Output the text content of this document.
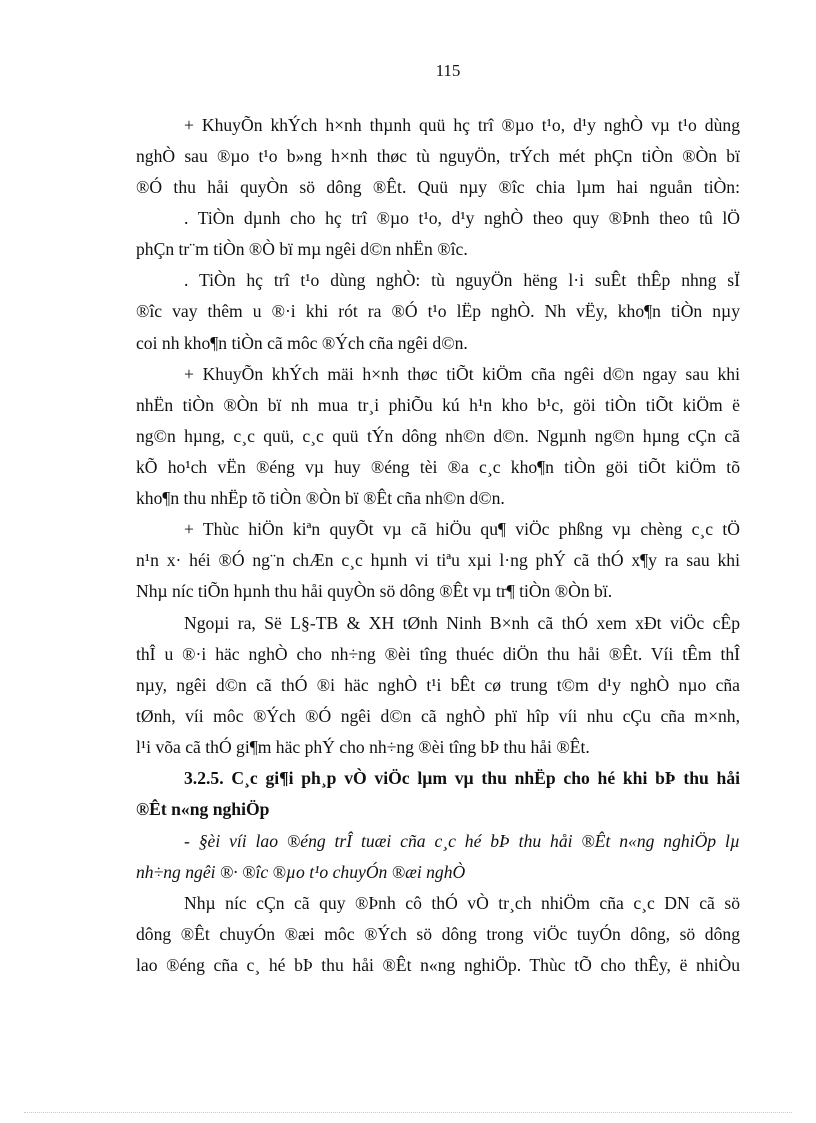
115
+ KhuyÕn khÝch h×nh thµnh quü hç trî ®µo t¹o, d¹y nghÒ vµ t¹o dùng
nghÒ sau ®µo t¹o b»ng h×nh thøc tù nguyÖn, trÝch mét phÇn tiÒn ®Òn bï
®Ó thu håi quyÒn sö dông ®Êt. Quü nµy ®îc chia lµm hai nguån tiÒn:
. TiÒn dµnh cho hç trî ®µo t¹o, d¹y nghÒ theo quy ®Þnh theo tû lÖ
phÇn tr¨m tiÒn ®Ò bï mµ ngêi d©n nhËn ®îc.
. TiÒn hç trî t¹o dùng nghÒ: tù nguyÖn hëng l·i suÊt thÊp nhng sÏ
®îc vay thêm u ®·i khi rót ra ®Ó t¹o lËp nghÒ. Nh vËy, kho¶n tiÒn nµy
coi nh kho¶n tiÒn cã môc ®Ých cña ngêi d©n.
+ KhuyÕn khÝch mäi h×nh thøc tiÕt kiÖm cña ngêi d©n ngay sau khi
nhËn tiÒn ®Òn bï nh mua tr¸i phiÕu kú h¹n kho b¹c, göi tiÒn tiÕt kiÖm ë
ng©n hµng, c¸c quü, c¸c quü tÝn dông nh©n d©n. Ngµnh ng©n hµng cÇn cã
kÕ ho¹ch vËn ®éng vµ huy ®éng tèi ®a c¸c kho¶n tiÒn göi tiÕt kiÖm tõ
kho¶n thu nhËp tõ tiÒn ®Òn bï ®Êt cña nh©n d©n.
+ Thùc hiÖn kiªn quyÕt vµ cã hiÖu qu¶ viÖc phßng vµ chèng c¸c tÖ
n¹n x· héi ®Ó ng¨n chÆn c¸c hµnh vi tiªu xµi l·ng phÝ cã thÓ x¶y ra sau khi
Nhµ níc tiÕn hµnh thu håi quyÒn sö dông ®Êt vµ tr¶ tiÒn ®Òn bï.
Ngoµi ra, Së L§-TB & XH tØnh Ninh B×nh cã thÓ xem xÐt viÖc cÊp
thÎ u ®·i häc nghÒ cho nh÷ng ®èi tîng thuéc diÖn thu håi ®Êt. Víi tÊm thÎ
nµy, ngêi d©n cã thÓ ®i häc nghÒ t¹i bÊt cø trung t©m d¹y nghÒ nµo cña
tØnh, víi môc ®Ých ®Ó ngêi d©n cã nghÒ phï hîp víi nhu cÇu cña m×nh,
l¹i võa cã thÓ gi¶m häc phÝ cho nh÷ng ®èi tîng bÞ thu håi ®Êt.
3.2.5. C¸c gi¶i ph¸p vÒ viÖc lµm vµ thu nhËp cho hé khi bÞ thu håi
®Êt n«ng nghiÖp
- §èi víi lao ®éng trÎ tuæi cña c¸c hé bÞ thu håi ®Êt n«ng nghiÖp lµ
nh÷ng ngêi ®· ®îc ®µo t¹o chuyÓn ®æi nghÒ
Nhµ níc cÇn cã quy ®Þnh cô thÓ vÒ tr¸ch nhiÖm cña c¸c DN cã sö
dông ®Êt chuyÓn ®æi môc ®Ých sö dông trong viÖc tuyÓn dông, sö dông
lao ®éng cña c¸ hé bÞ thu håi ®Êt n«ng nghiÖp. Thùc tÕ cho thÊy, ë nhiÒu
